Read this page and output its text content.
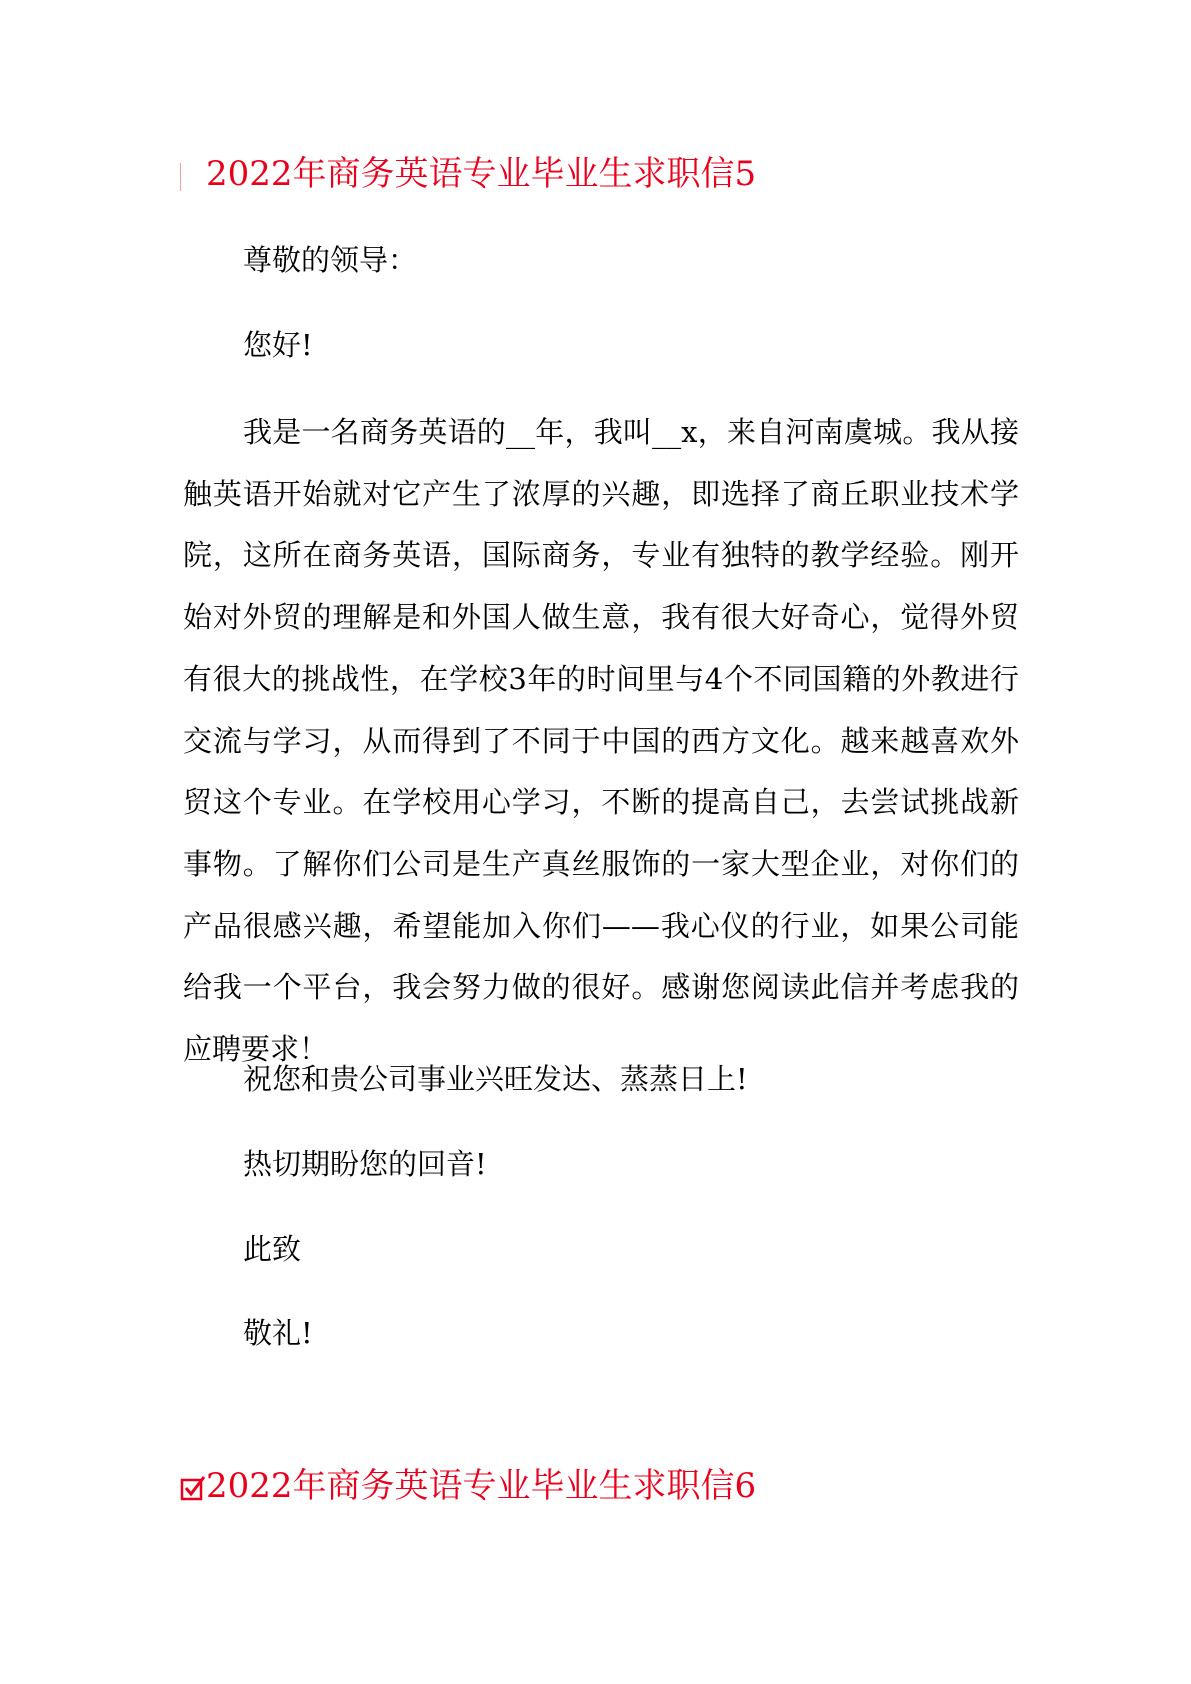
2022年商务英语专业毕业生求职信5
尊敬的领导：
您好!
我是一名商务英语的__年，我叫__x，来自河南虞城。我从接触英语开始就对它产生了浓厚的兴趣，即选择了商丘职业技术学院，这所在商务英语，国际商务，专业有独特的教学经验。刚开始对外贸的理解是和外国人做生意，我有很大好奇心，觉得外贸有很大的挑战性，在学校3年的时间里与4个不同国籍的外教进行交流与学习，从而得到了不同于中国的西方文化。越来越喜欢外贸这个专业。在学校用心学习，不断的提高自己，去尝试挑战新事物。了解你们公司是生产真丝服饰的一家大型企业，对你们的产品很感兴趣，希望能加入你们——我心仪的行业，如果公司能给我一个平台，我会努力做的很好。感谢您阅读此信并考虑我的应聘要求！
祝您和贵公司事业兴旺发达、蒸蒸日上!
热切期盼您的回音!
此致
敬礼!
2022年商务英语专业毕业生求职信6
